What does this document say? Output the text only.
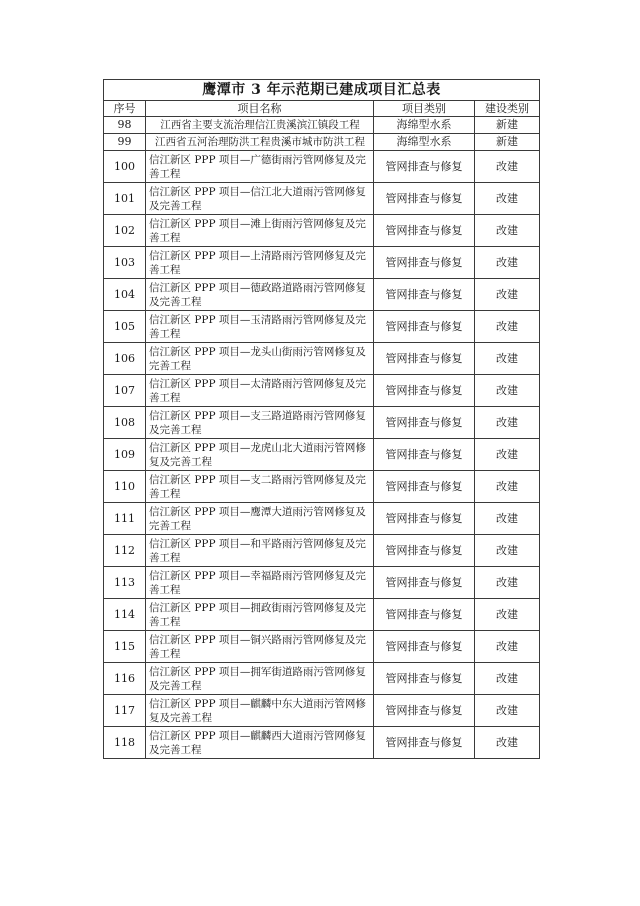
鹰潭市 3 年示范期已建成项目汇总表			
序号	项目名称	项目类别	建设类别
98	江西省主要支流治理信江贵溪滨江镇段工程	海绵型水系	新建
99	江西省五河治理防洪工程贵溪市城市防洪工程	海绵型水系	新建
100	信江新区 PPP 项目—广德街雨污管网修复及完善工程	管网排查与修复	改建
101	信江新区 PPP 项目—信江北大道雨污管网修复及完善工程	管网排查与修复	改建
102	信江新区 PPP 项目—滩上街雨污管网修复及完善工程	管网排查与修复	改建
103	信江新区 PPP 项目—上清路雨污管网修复及完善工程	管网排查与修复	改建
104	信江新区 PPP 项目—德政路道路雨污管网修复及完善工程	管网排查与修复	改建
105	信江新区 PPP 项目—玉清路雨污管网修复及完善工程	管网排查与修复	改建
106	信江新区 PPP 项目—龙头山街雨污管网修复及完善工程	管网排查与修复	改建
107	信江新区 PPP 项目—太清路雨污管网修复及完善工程	管网排查与修复	改建
108	信江新区 PPP 项目—支三路道路雨污管网修复及完善工程	管网排查与修复	改建
109	信江新区 PPP 项目—龙虎山北大道雨污管网修复及完善工程	管网排查与修复	改建
110	信江新区 PPP 项目—支二路雨污管网修复及完善工程	管网排查与修复	改建
111	信江新区 PPP 项目—鹰潭大道雨污管网修复及完善工程	管网排查与修复	改建
112	信江新区 PPP 项目—和平路雨污管网修复及完善工程	管网排查与修复	改建
113	信江新区 PPP 项目—幸福路雨污管网修复及完善工程	管网排查与修复	改建
114	信江新区 PPP 项目—拥政街雨污管网修复及完善工程	管网排查与修复	改建
115	信江新区 PPP 项目—铜兴路雨污管网修复及完善工程	管网排查与修复	改建
116	信江新区 PPP 项目—拥军街道路雨污管网修复及完善工程	管网排查与修复	改建
117	信江新区 PPP 项目—麒麟中东大道雨污管网修复及完善工程	管网排查与修复	改建
118	信江新区 PPP 项目—麒麟西大道雨污管网修复及完善工程	管网排查与修复	改建
